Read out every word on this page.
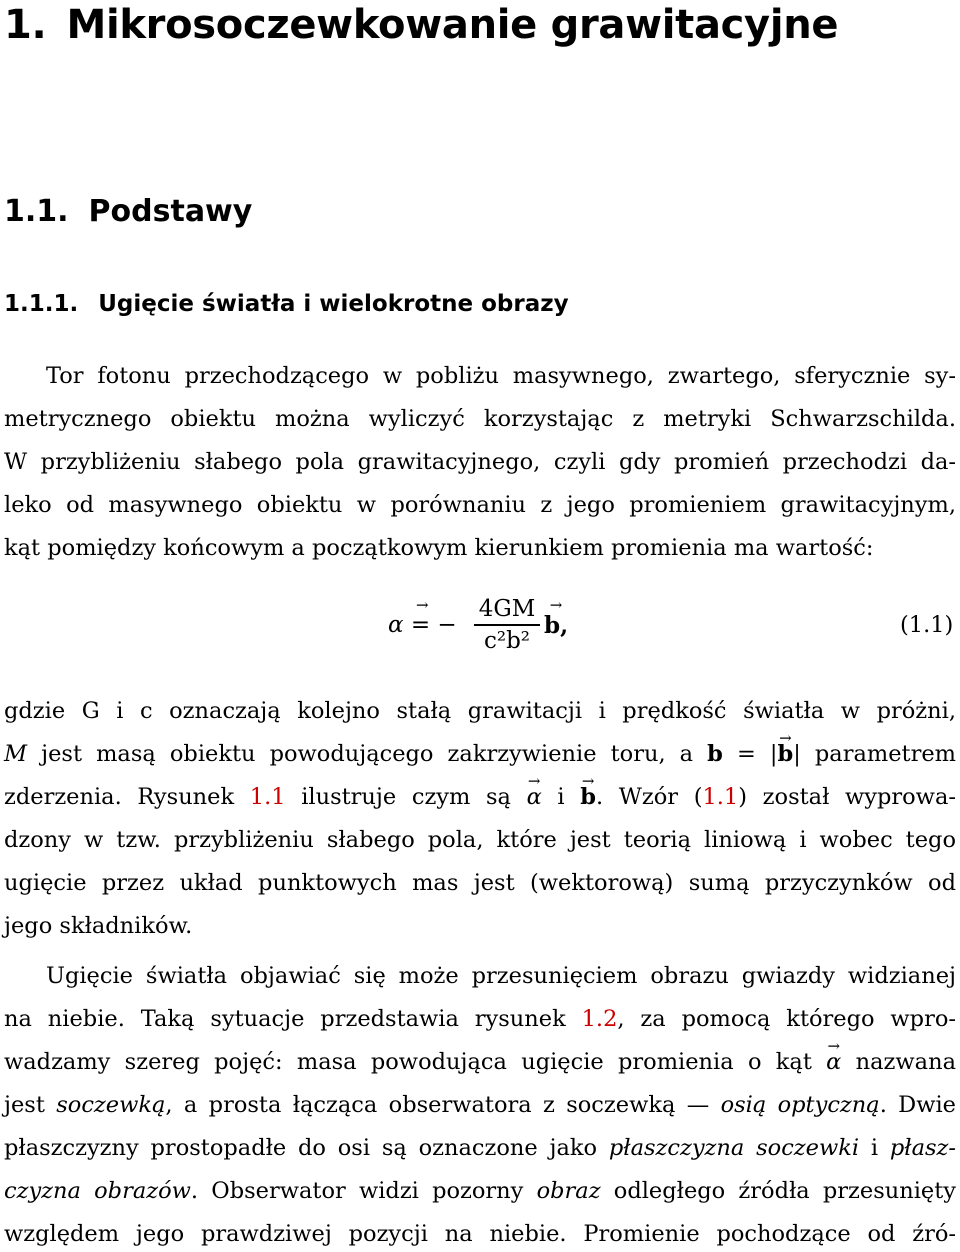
1. Mikrosoczewkowanie grawitacyjne
1.1. Podstawy
1.1.1. Ugięcie światła i wielokrotne obrazy
Tor fotonu przechodzącego w pobliżu masywnego, zwartego, sferycznie sy-
metrycznego obiektu można wyliczyć korzystając z metryki Schwarzschilda.
W przybliżeniu słabego pola grawitacyjnego, czyli gdy promień przechodzi da-
leko od masywnego obiektu w porównaniu z jego promieniem grawitacyjnym,
kąt pomiędzy końcowym a początkowym kierunkiem promienia ma wartość:
→ α = −
4GM
c²b²
→ b,	(1.1)
gdzie G i c oznaczają kolejno stałą grawitacji i prędkość światła w próżni,
M jest masą obiektu powodującego zakrzywienie toru, a b = |→ b| parametrem
zderzenia. Rysunek 1.1 ilustruje czym są → α i → b. Wzór (1.1) został wyprowa-
dzony w tzw. przybliżeniu słabego pola, które jest teorią liniową i wobec tego
ugięcie przez układ punktowych mas jest (wektorową) sumą przyczynków od
jego składników.
Ugięcie światła objawiać się może przesunięciem obrazu gwiazdy widzianej
na niebie. Taką sytuacje przedstawia rysunek 1.2, za pomocą którego wpro-
wadzamy szereg pojęć: masa powodująca ugięcie promienia o kąt → α nazwana
jest soczewką, a prosta łącząca obserwatora z soczewką — osią optyczną. Dwie
płaszczyzny prostopadłe do osi są oznaczone jako płaszczyzna soczewki i płasz-
czyzna obrazów. Obserwator widzi pozorny obraz odległego źródła przesunięty
względem jego prawdziwej pozycji na niebie. Promienie pochodzące od źró-
